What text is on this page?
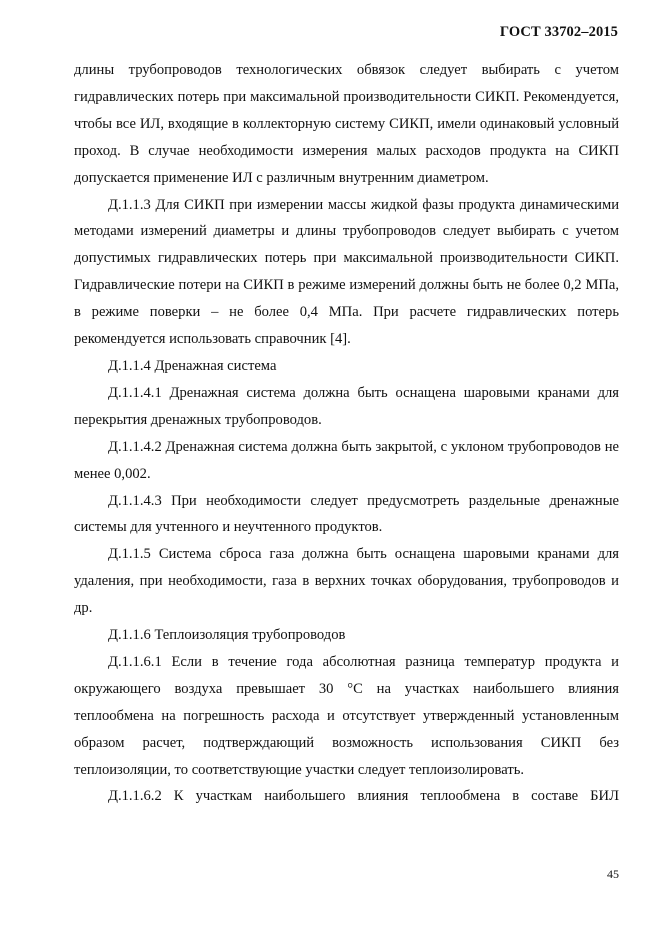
ГОСТ 33702–2015

длины трубопроводов технологических обвязок следует выбирать с учетом гидравлических потерь при максимальной производительности СИКП. Рекомендуется, чтобы все ИЛ, входящие в коллекторную систему СИКП, имели одинаковый условный проход. В случае необходимости измерения малых расходов продукта на СИКП допускается применение ИЛ с различным внутренним диаметром.

Д.1.1.3 Для СИКП при измерении массы жидкой фазы продукта динамическими методами измерений диаметры и длины трубопроводов следует выбирать с учетом допустимых гидравлических потерь при максимальной производительности СИКП. Гидравлические потери на СИКП в режиме измерений должны быть не более 0,2 МПа, в режиме поверки – не более 0,4 МПа. При расчете гидравлических потерь рекомендуется использовать справочник [4].

Д.1.1.4 Дренажная система

Д.1.1.4.1 Дренажная система должна быть оснащена шаровыми кранами для перекрытия дренажных трубопроводов.

Д.1.1.4.2 Дренажная система должна быть закрытой, с уклоном трубопроводов не менее 0,002.

Д.1.1.4.3 При необходимости следует предусмотреть раздельные дренажные системы для учтенного и неучтенного продуктов.

Д.1.1.5 Система сброса газа должна быть оснащена шаровыми кранами для удаления, при необходимости, газа в верхних точках оборудования, трубопроводов и др.

Д.1.1.6 Теплоизоляция трубопроводов

Д.1.1.6.1 Если в течение года абсолютная разница температур продукта и окружающего воздуха превышает 30 °С на участках наибольшего влияния теплообмена на погрешность расхода и отсутствует утвержденный установленным образом расчет, подтверждающий возможность использования СИКП без теплоизоляции, то соответствующие участки следует теплоизолировать.

Д.1.1.6.2 К участкам наибольшего влияния теплообмена в составе БИЛ

45
